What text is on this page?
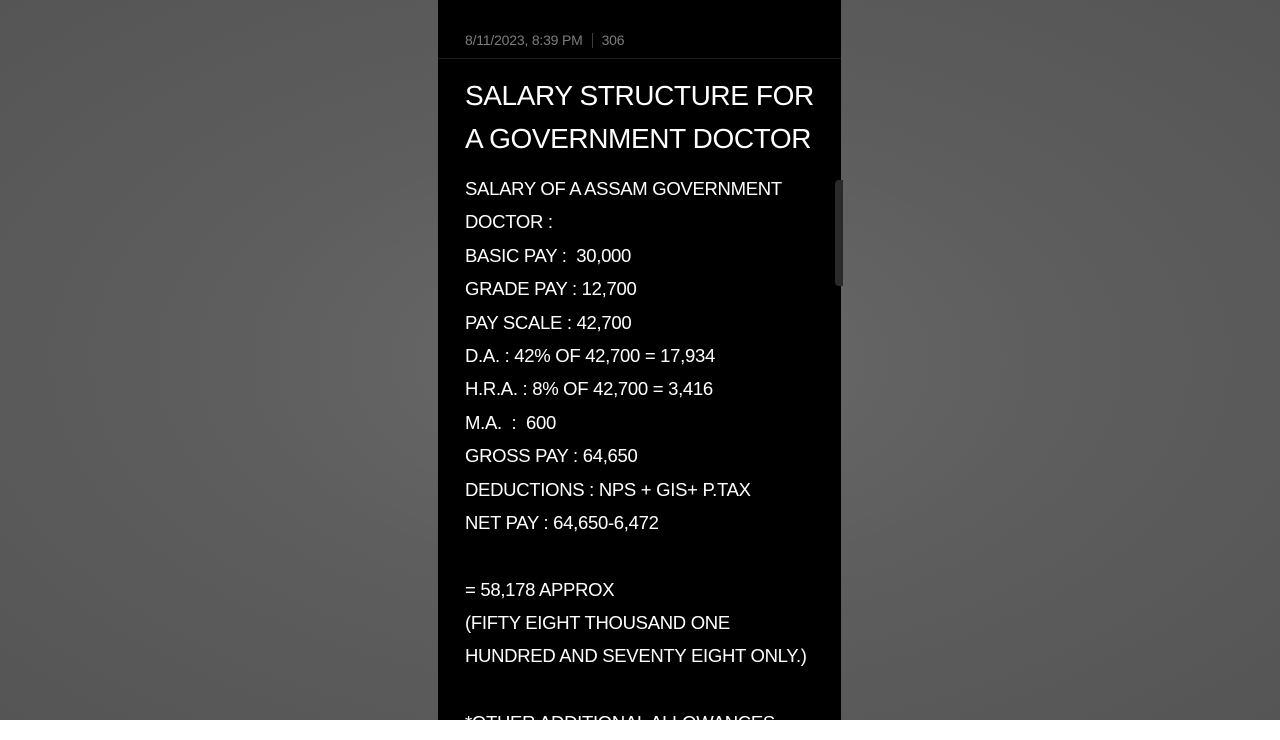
8/11/2023, 8:39 PM 306
SALARY STRUCTURE FOR
A GOVERNMENT DOCTOR
SALARY OF A ASSAM GOVERNMENT
DOCTOR :
BASIC PAY :  30,000
GRADE PAY : 12,700
PAY SCALE : 42,700
D.A. : 42% OF 42,700 = 17,934
H.R.A. : 8% OF 42,700 = 3,416
M.A.  :  600
GROSS PAY : 64,650
DEDUCTIONS : NPS + GIS+ P.TAX
NET PAY : 64,650-6,472
= 58,178 APPROX
(FIFTY EIGHT THOUSAND ONE
HUNDRED AND SEVENTY EIGHT ONLY.)
*OTHER ADDITIONAL ALLOWANCES
